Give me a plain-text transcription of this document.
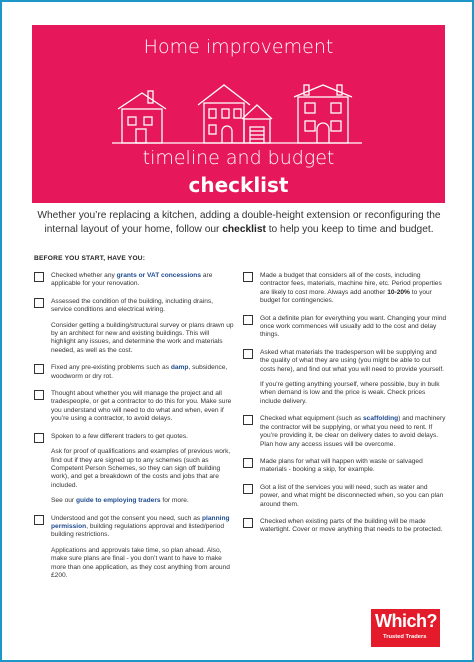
Home improvement
timeline and budget
checklist
Whether you’re replacing a kitchen, adding a double-height extension or reconfiguring the internal layout of your home, follow our checklist to help you keep to time and budget.
BEFORE YOU START, HAVE YOU:

Checked whether any grants or VAT concessions are applicable for your renovation.

Assessed the condition of the building, including drains, service conditions and electrical wiring.

Consider getting a building/structural survey or plans drawn up by an architect for new and existing buildings. This will highlight any issues, and determine the work and materials needed, as well as the cost.

Fixed any pre-existing problems such as damp, subsidence, woodworm or dry rot.

Thought about whether you will manage the project and all tradespeople, or get a contractor to do this for you. Make sure you understand who will need to do what and when, even if you’re using a contractor, to avoid delays.

Spoken to a few different traders to get quotes.

Ask for proof of qualifications and examples of previous work, find out if they are signed up to any schemes (such as Competent Person Schemes, so they can sign off building work), and get a breakdown of the costs and jobs that are included.

See our guide to employing traders for more.

Understood and got the consent you need, such as planning permission, building regulations approval and listed/period building restrictions.

Applications and approvals take time, so plan ahead. Also, make sure plans are final - you don’t want to have to make more than one application, as they cost anything from around £200.

Made a budget that considers all of the costs, including contractor fees, materials, machine hire, etc. Period properties are likely to cost more. Always add another 10-20% to your budget for contingencies.

Got a definite plan for everything you want. Changing your mind once work commences will usually add to the cost and delay things.

Asked what materials the tradesperson will be supplying and the quality of what they are using (you might be able to cut costs here), and find out what you will need to provide yourself.

If you’re getting anything yourself, where possible, buy in bulk when demand is low and the price is weak. Check prices include delivery.

Checked what equipment (such as scaffolding) and machinery the contractor will be supplying, or what you need to rent. If you’re providing it, be clear on delivery dates to avoid delays. Plan how any access issues will be overcome.

Made plans for what will happen with waste or salvaged materials - booking a skip, for example.

Got a list of the services you will need, such as water and power, and what might be disconnected when, so you can plan around them.

Checked when existing parts of the building will be made watertight. Cover or move anything that needs to be protected.

Which?
Trusted Traders
